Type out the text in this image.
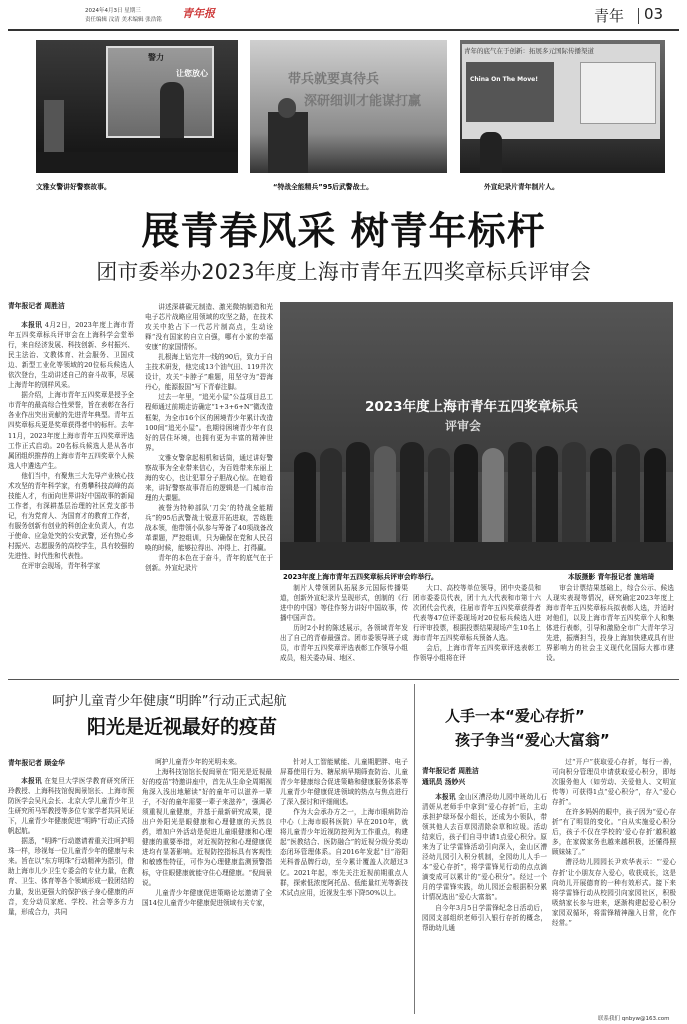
2024年4月3日 星期三
责任编辑 汶清 美术编辑 张浩铭 青年报	青年 03
警力
让您放心
文雅女警讲好警察故事。
带兵就要真待兵
深研细训才能谋打赢
“特战全能精兵”95后武警战士。
青年的底气在于创新：拓展多元国际传播渠道
China On The Move!
外宣纪录片青年制片人。
展青春风采 树青年标杆
团市委举办2023年度上海市青年五四奖章标兵评审会
青年报记者 周胜洁

本报讯 4月2日，2023年度上海市青年五四奖章标兵评审会在上海科学会堂举行，来自经济发展、科技创新、乡村振兴、民主法治、文教体育、社会服务、卫国戍边、新型工业化等领域的20位标兵候选人依次登台，生动讲述自己的奋斗故事，尽展上海青年的别样风采。

据介绍，上海市青年五四奖章是授予全市青年的最高综合性荣誉，旨在表彰在各行各业作出突出贡献的先进青年典型。青年五四奖章标兵更是奖章获得者中的标杆。去年11月，2023年度上海市青年五四奖章评选工作正式启动。20名标兵候选人是从各市属团组织推荐的上海市青年五四奖章个人候选人中遴选产生。

他们当中，有聚焦三大先导产业核心技术攻坚的青年科学家，有勇攀科技高峰的高技能人才，有面向世界讲好中国故事的新闻工作者，有深耕基层治理的社区党支部书记，有为党育人、为国育才的教育工作者，有服务创新有创业的科创企业负责人，有忠于使命、应急处突的公安武警，还有热心乡村振兴、志愿服务的高校学生，具有较强的先进性、时代性和代表性。

在评审会现场，青年科学家

讲述深耕碳元制造、激光微纳制造和光电子芯片战略应用领域的攻坚之路，在技术攻关中抢占下一代芯片制高点，生动诠释“没有国家的自立自强，哪有小家的幸福安康”的家国情怀。

扎根海上钻完井一线的90后，致力于自主技术研发，他完成13个油气田、119井次设计，攻关“卡脖子”难题，用坚守为“碧海丹心，能源报国”写下青春注脚。

过去一年里，“追光小屋”公益项目总工程师通过前期走访确定“1+3+6+N”微改造框架，为全市16个区的困境青少年累计改造100间“追光小屋”。也期待困境青少年有良好的居住环境，也拥有更为丰富的精神世界。

文雅女警拿起相机和话筒，通过讲好警察故事为全业带来信心，为百姓带来东丽上海的安心，也让犯罪分子胆战心惊。在她看来，讲好警察故事背后的逻辑是一门城市治理的大课题。

被誉为特种部队‘刀尖’的特战全能精兵”的95后武警战士锐意开拓进取，苦练胜战本领，他带领小队参与筹备了40项战备改革课题，严控组训，只为确保在党和人民召唤的时候，能够拉得出、冲得上、打得赢。

青年的本色在于奋斗，青年的底气在于创新。外宣纪录片

2023年度上海市青年五四奖章标兵
评审会
2023年度上海市青年五四奖章标兵评审会昨举行。	本版摄影 青年报记者 施培琦

制片人带领团队拓展多元国际传播渠道，创新外宣纪录片呈现形式，创制的《行进中的中国》等佳作努力讲好中国故事，传播中国声音。

历时2小时的陈述展示，各领域青年发出了自己的青春最强音。团市委领导班子成员，市青年五四奖章评选表彰工作领导小组成员，相关委办局、地区、

大口、高校等单位领导，团中央委员和团市委委员代表，团十九大代表和市第十六次团代会代表，往届市青年五四奖章获得者代表等47位评委现场对20位标兵候选人进行评审投票，根据投票结果现场产生10名上海市青年五四奖章标兵预备人选。

会后，上海市青年五四奖章评选表彰工作领导小组将在评

审会计票结果基础上，综合公示、候选人现实表现等情况，研究确定2023年度上海市青年五四奖章标兵拟表彰人选，并适时对他们，以及上海市青年五四奖章个人和集体进行表彰，引导和激励全市广大青年学习先进，振膺担当，投身上海加快建成具有世界影响力的社会主义现代化国际大都市建设。

呵护儿童青少年健康“明眸”行动正式起航
阳光是近视最好的疫苗
青年报记者 顾金华

本报讯 在复旦大学医学教育研究所汪玲教授、上海科技馆倪闽景馆长、上海市预防医学会吴凡会长、北京大学儿童青少年卫生研究所马军教授等多位专家学者共同见证下，儿童青少年健康促进“明眸”行动正式扬帆起航。

据悉，“明眸”行动邀请着重关注呵护明珠一样，珍视每一位儿童青少年的健康与未来。旨在以“东方明珠”行动精神为指引，借助上海市儿少卫生专委会的专业力量，在教育、卫生、体育等各个领域形成一股团结的力量，发出更强大的保护孩子身心健康的声音，充分动员家庭、学校、社会等多方力量，形成合力，共同

呵护儿童青少年的光明未来。

上海科技馆馆长倪闽景在“阳光是近视最好的疫苗”特邀讲座中，首先从生命全周期视角深入浅出地解读“好的童年可以滋养一辈子，不好的童年需要一辈子来滋养”，强调必须重视儿童健康，并基于最新研究成果，提出户外阳光是眼健康和心理健康的天然良药，增加户外活动是促进儿童眼健康和心理健康的重要举措，对近视防控和心理健康促进均有显著影响。近视防控指标具有客观性和敏感性特征，可作为心理健康监测预警指标，守住眼健康就能守住心理健康。“倪闽景说。

儿童青少年健康促进策略论坛邀请了全国14位儿童青少年健康促进领域有关专家，

针对人工智能赋能、儿童期肥胖、电子屏幕使用行为、糖尿病早期筛查防治、儿童青少年健康综合促进策略和健康服务体系等儿童青少年健康促进领域的热点与焦点进行了深入探讨和评细阐述。

作为大会承办方之一，上海市眼病防治中心（上海市眼科医院）早在2010年，就将儿童青少年近视防控列为工作重点，构建起“医教结合、医防融合”的近视分级分类动态闭环管理体系。自2016年发起“目”浴阳光科普品牌行动，至今累计覆盖人次超过3亿。2021年起，率先关注近视前期重点人群，探索低浓度阿托品、低能量红光等新技术试点应用，近视发生率下降50%以上。

人手一本“爱心存折”
孩子争当“爱心大富翁”
青年报记者 周胜洁
通讯员 汤妙兴

本报讯 金山区漕泾幼儿园中班幼儿石清妍从老师手中拿到“爱心存折”后，主动承担护绿环保小组长，还成为小领队，带领其他人去百草园清除杂草和垃圾。活动结束后，孩子们自寻申请1点爱心积分。原来为了让学雷锋活动引向深入，金山区漕泾幼儿园引入积分机制，全园幼儿人手一本“爱心存折”，将学雷锋见行动的点点滴滴变成可以累计的“爱心积分”。经过一个月的学雷锋实践，幼儿园还会根据积分累计情况选出“爱心大富翁”。

自今年3月5日学雷锋纪念日活动后，园园支部组织老师引入银行存折的概念，帮助幼儿通

过“开户”获取爱心存折，每行一善，可向积分管理员申请获取爱心积分，即每次服务他人（如劳动、关爱他人、文明宣传等）可获得1点“爱心积分”，存入“爱心存折”。

在许多妈妈的眼中，孩子因为“爱心存折”有了明显的变化。“自从实施爱心积分后，孩子不仅在学校的‘爱心存折’越积越多，在家做家务也越来越积极，还懂得照顾妹妹了。”

漕泾幼儿园园长尹欢华表示：“‘爱心存折’让小朋友存入爱心，收获成长，这是向幼儿开展德育的一种有效形式。接下来将学雷锋行动从校园引向家园社区，积极吸纳家长参与进来，逐渐构建起爱心积分家园双循环，将雷锋精神融入日常，化作经常。”

联系我们 qnbyw@163.com
